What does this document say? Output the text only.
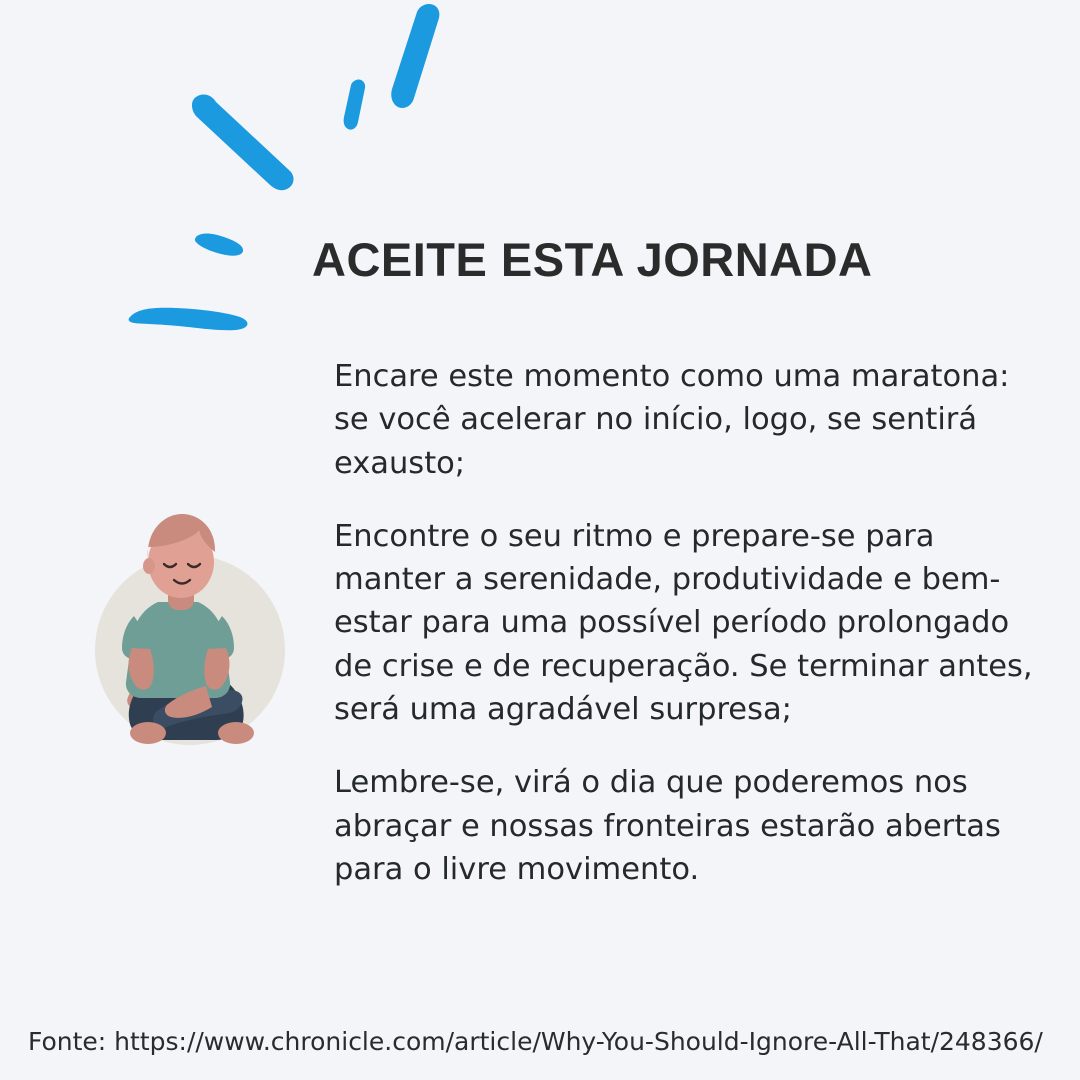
ACEITE ESTA JORNADA

Encare este momento como uma maratona: se você acelerar no início, logo, se sentirá exausto;

Encontre o seu ritmo e prepare-se para manter a serenidade, produtividade e bem-estar para uma possível período prolongado de crise e de recuperação. Se terminar antes, será uma agradável surpresa;

Lembre-se, virá o dia que poderemos nos abraçar e nossas fronteiras estarão abertas para o livre movimento.

Fonte: https://www.chronicle.com/article/Why-You-Should-Ignore-All-That/248366/
